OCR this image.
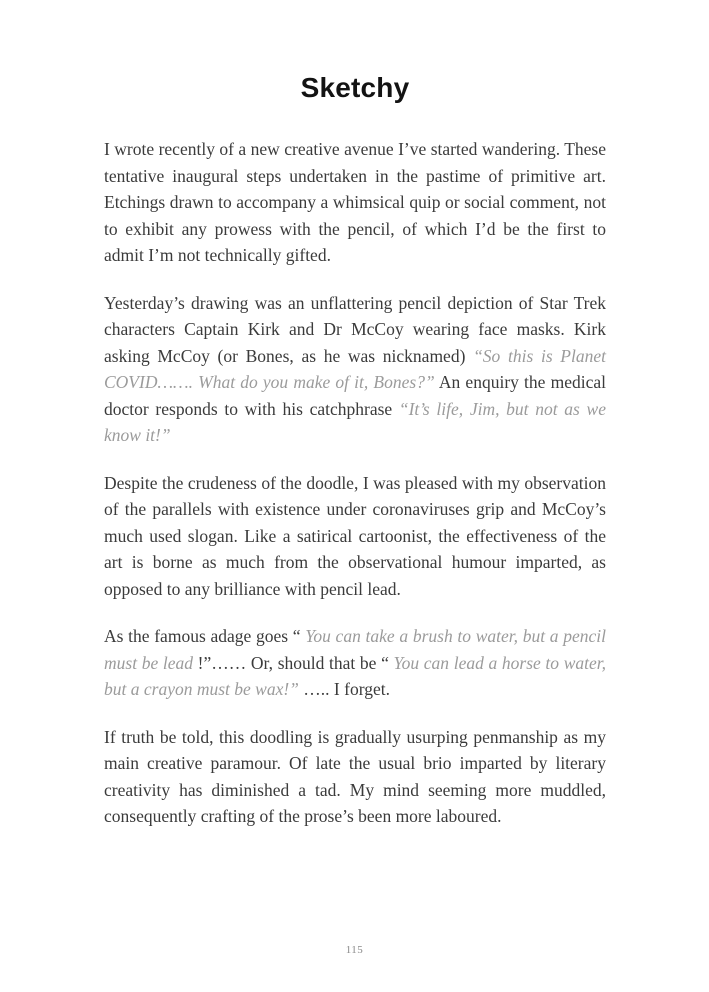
Sketchy

I wrote recently of a new creative avenue I’ve started wandering. These tentative inaugural steps undertaken in the pastime of primitive art. Etchings drawn to accompany a whimsical quip or social comment, not to exhibit any prowess with the pencil, of which I’d be the first to admit I’m not technically gifted.

Yesterday’s drawing was an unflattering pencil depiction of Star Trek characters Captain Kirk and Dr McCoy wearing face masks. Kirk asking McCoy (or Bones, as he was nicknamed) “So this is Planet COVID……. What do you make of it, Bones?” An enquiry the medical doctor responds to with his catchphrase “It’s life, Jim, but not as we know it!”

Despite the crudeness of the doodle, I was pleased with my observation of the parallels with existence under coronaviruses grip and McCoy’s much used slogan. Like a satirical cartoonist, the effectiveness of the art is borne as much from the observational humour imparted, as opposed to any brilliance with pencil lead.

As the famous adage goes “ You can take a brush to water, but a pencil must be lead !”…… Or, should that be “ You can lead a horse to water, but a crayon must be wax!” ….. I forget.

If truth be told, this doodling is gradually usurping penmanship as my main creative paramour. Of late the usual brio imparted by literary creativity has diminished a tad. My mind seeming more muddled, consequently crafting of the prose’s been more laboured.

115
